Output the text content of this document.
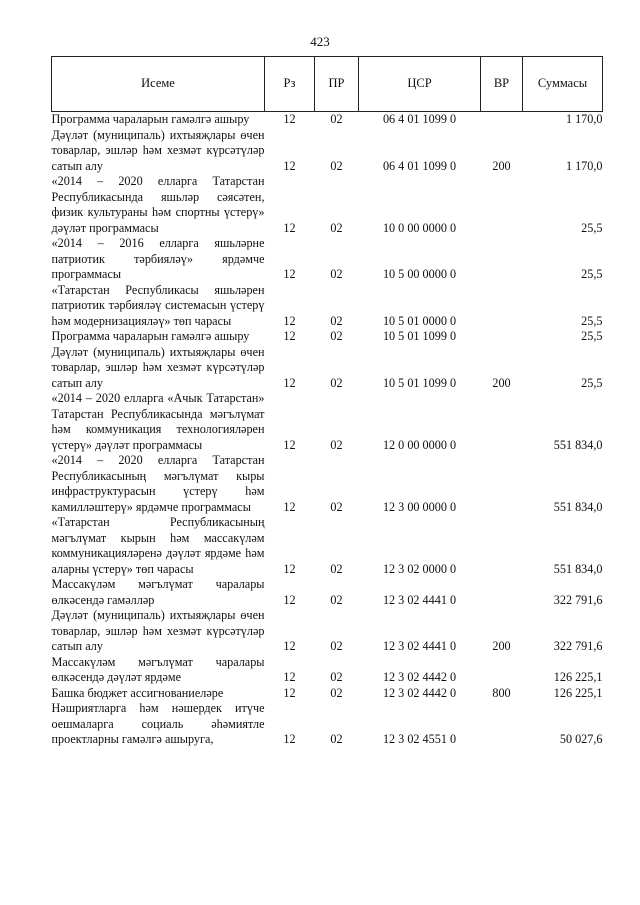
423
Исеме	Рз	ПР	ЦСР	ВР	Суммасы
Программа чараларын гамәлгә ашыру	12	02	06 4 01 1099 0		1 170,0
Дәүләт (муниципаль) ихтыяҗлары өчен товарлар, эшләр һәм хезмәт күрсәтүләр сатып алу	12	02	06 4 01 1099 0	200	1 170,0
«2014 – 2020 елларга Татарстан Республикасында яшьләр сәясәтен, физик культураны һәм спортны үстерү» дәүләт программасы	12	02	10 0 00 0000 0		25,5
«2014 – 2016 елларга яшьләрне патриотик тәрбияләү» ярдәмче программасы	12	02	10 5 00 0000 0		25,5
«Татарстан Республикасы яшьләрен патриотик тәрбияләү системасын үстерү һәм модернизацияләү» төп чарасы	12	02	10 5 01 0000 0		25,5
Программа чараларын гамәлгә ашыру	12	02	10 5 01 1099 0		25,5
Дәүләт (муниципаль) ихтыяҗлары өчен товарлар, эшләр һәм хезмәт күрсәтүләр сатып алу	12	02	10 5 01 1099 0	200	25,5
«2014 – 2020 елларга «Ачык Татарстан» Татарстан Республикасында мәгълүмат һәм коммуникация технологияләрен үстерү» дәүләт программасы	12	02	12 0 00 0000 0		551 834,0
«2014 – 2020 елларга Татарстан Республикасының мәгълүмат кыры инфраструктурасын үстерү һәм камилләштерү» ярдәмче программасы	12	02	12 3 00 0000 0		551 834,0
«Татарстан Республикасының мәгълүмат кырын һәм массакүләм коммуникацияләренә дәүләт ярдәме һәм аларны үстерү» төп чарасы	12	02	12 3 02 0000 0		551 834,0
Массакүләм мәгълүмат чаралары өлкәсендә гамәлләр	12	02	12 3 02 4441 0		322 791,6
Дәүләт (муниципаль) ихтыяҗлары өчен товарлар, эшләр һәм хезмәт күрсәтүләр сатып алу	12	02	12 3 02 4441 0	200	322 791,6
Массакүләм мәгълүмат чаралары өлкәсендә дәүләт ярдәме	12	02	12 3 02 4442 0		126 225,1
Башка бюджет ассигнованиеләре	12	02	12 3 02 4442 0	800	126 225,1
Нәшриятларга һәм нәшердек итүче оешмаларга социаль әһәмиятле проектларны гамәлгә ашыруга,	12	02	12 3 02 4551 0		50 027,6
